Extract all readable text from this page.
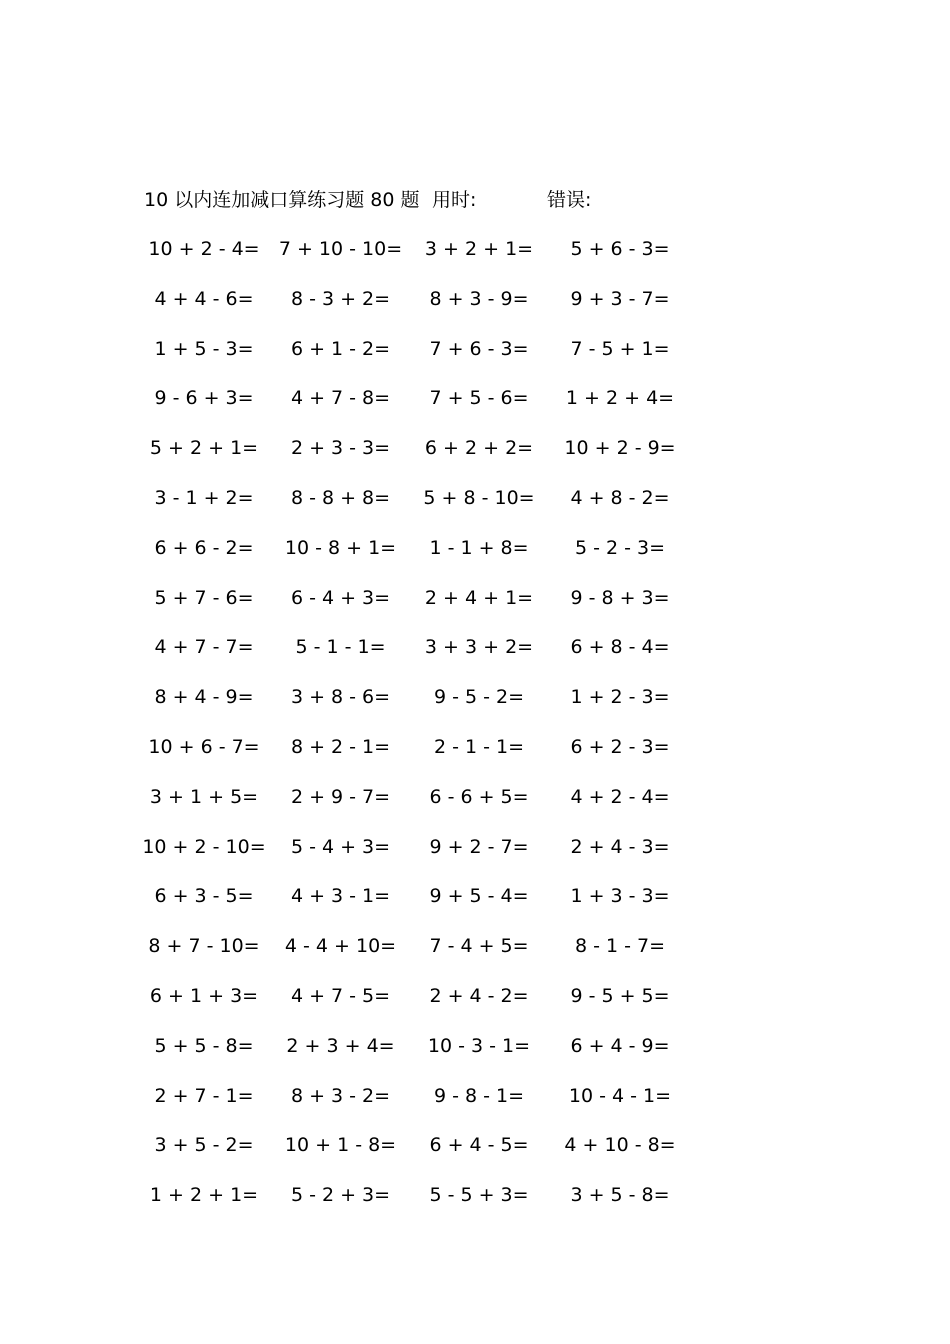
10 以内连加减口算练习题 80 题 用时:	错误:
10 + 2 - 4=	7 + 10 - 10=	3 + 2 + 1=	5 + 6 - 3=
4 + 4 - 6=	8 - 3 + 2=	8 + 3 - 9=	9 + 3 - 7=
1 + 5 - 3=	6 + 1 - 2=	7 + 6 - 3=	7 - 5 + 1=
9 - 6 + 3=	4 + 7 - 8=	7 + 5 - 6=	1 + 2 + 4=
5 + 2 + 1=	2 + 3 - 3=	6 + 2 + 2=	10 + 2 - 9=
3 - 1 + 2=	8 - 8 + 8=	5 + 8 - 10=	4 + 8 - 2=
6 + 6 - 2=	10 - 8 + 1=	1 - 1 + 8=	5 - 2 - 3=
5 + 7 - 6=	6 - 4 + 3=	2 + 4 + 1=	9 - 8 + 3=
4 + 7 - 7=	5 - 1 - 1=	3 + 3 + 2=	6 + 8 - 4=
8 + 4 - 9=	3 + 8 - 6=	9 - 5 - 2=	1 + 2 - 3=
10 + 6 - 7=	8 + 2 - 1=	2 - 1 - 1=	6 + 2 - 3=
3 + 1 + 5=	2 + 9 - 7=	6 - 6 + 5=	4 + 2 - 4=
10 + 2 - 10=	5 - 4 + 3=	9 + 2 - 7=	2 + 4 - 3=
6 + 3 - 5=	4 + 3 - 1=	9 + 5 - 4=	1 + 3 - 3=
8 + 7 - 10=	4 - 4 + 10=	7 - 4 + 5=	8 - 1 - 7=
6 + 1 + 3=	4 + 7 - 5=	2 + 4 - 2=	9 - 5 + 5=
5 + 5 - 8=	2 + 3 + 4=	10 - 3 - 1=	6 + 4 - 9=
2 + 7 - 1=	8 + 3 - 2=	9 - 8 - 1=	10 - 4 - 1=
3 + 5 - 2=	10 + 1 - 8=	6 + 4 - 5=	4 + 10 - 8=
1 + 2 + 1=	5 - 2 + 3=	5 - 5 + 3=	3 + 5 - 8=
